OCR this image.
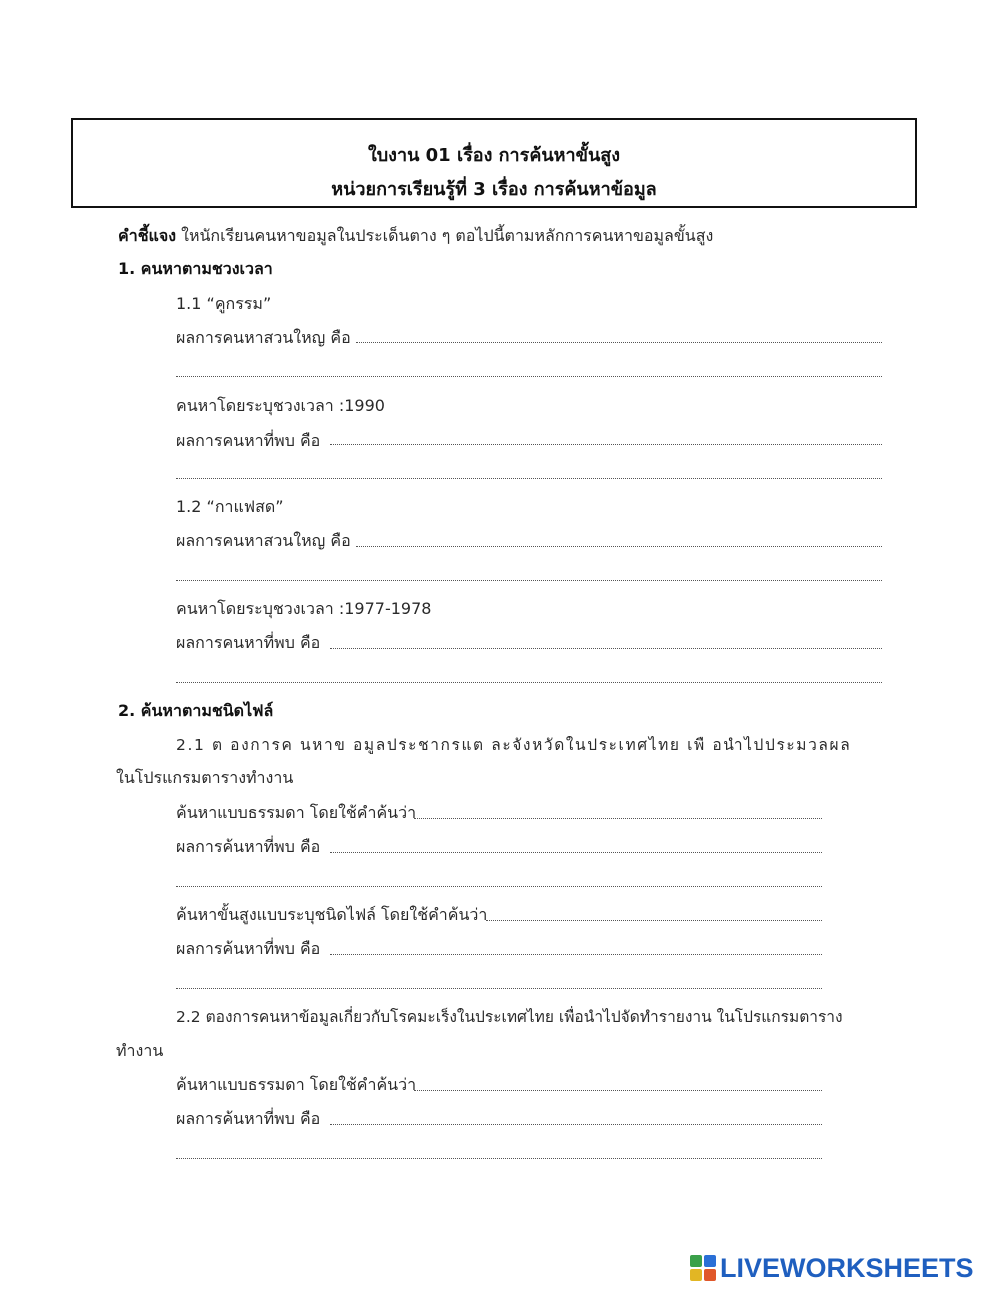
ใบงาน 01 เรื่อง การค้นหาขั้นสูง
หน่วยการเรียนรู้ที่ 3 เรื่อง การค้นหาข้อมูล
คำชี้แจง ใหนักเรียนคนหาขอมูลในประเด็นตาง ๆ ตอไปนี้ตามหลักการคนหาขอมูลขั้นสูง
1. คนหาตามชวงเวลา
1.1 “คูกรรม”
ผลการคนหาสวนใหญ คือ
คนหาโดยระบุชวงเวลา :1990
ผลการคนหาที่พบ คือ
1.2 “กาแฟสด”
ผลการคนหาสวนใหญ คือ
คนหาโดยระบุชวงเวลา :1977-1978
ผลการคนหาที่พบ คือ
2. ค้นหาตามชนิดไฟล์
2.1 ต องการค นหาข อมูลประชากรแต ละจังหวัดในประเทศไทย เพื อนำไปประมวลผล
ในโปรแกรมตารางทำงาน
ค้นหาแบบธรรมดา โดยใช้คำค้นว่า
ผลการค้นหาที่พบ คือ
ค้นหาขั้นสูงแบบระบุชนิดไฟล์ โดยใช้คำค้นว่า
ผลการค้นหาที่พบ คือ
2.2 ตองการคนหาข้อมูลเกี่ยวกับโรคมะเร็งในประเทศไทย เพื่อนำไปจัดทำรายงาน ในโปรแกรมตาราง
ทำงาน
ค้นหาแบบธรรมดา โดยใช้คำค้นว่า
ผลการค้นหาที่พบ คือ
LIVEWORKSHEETS
